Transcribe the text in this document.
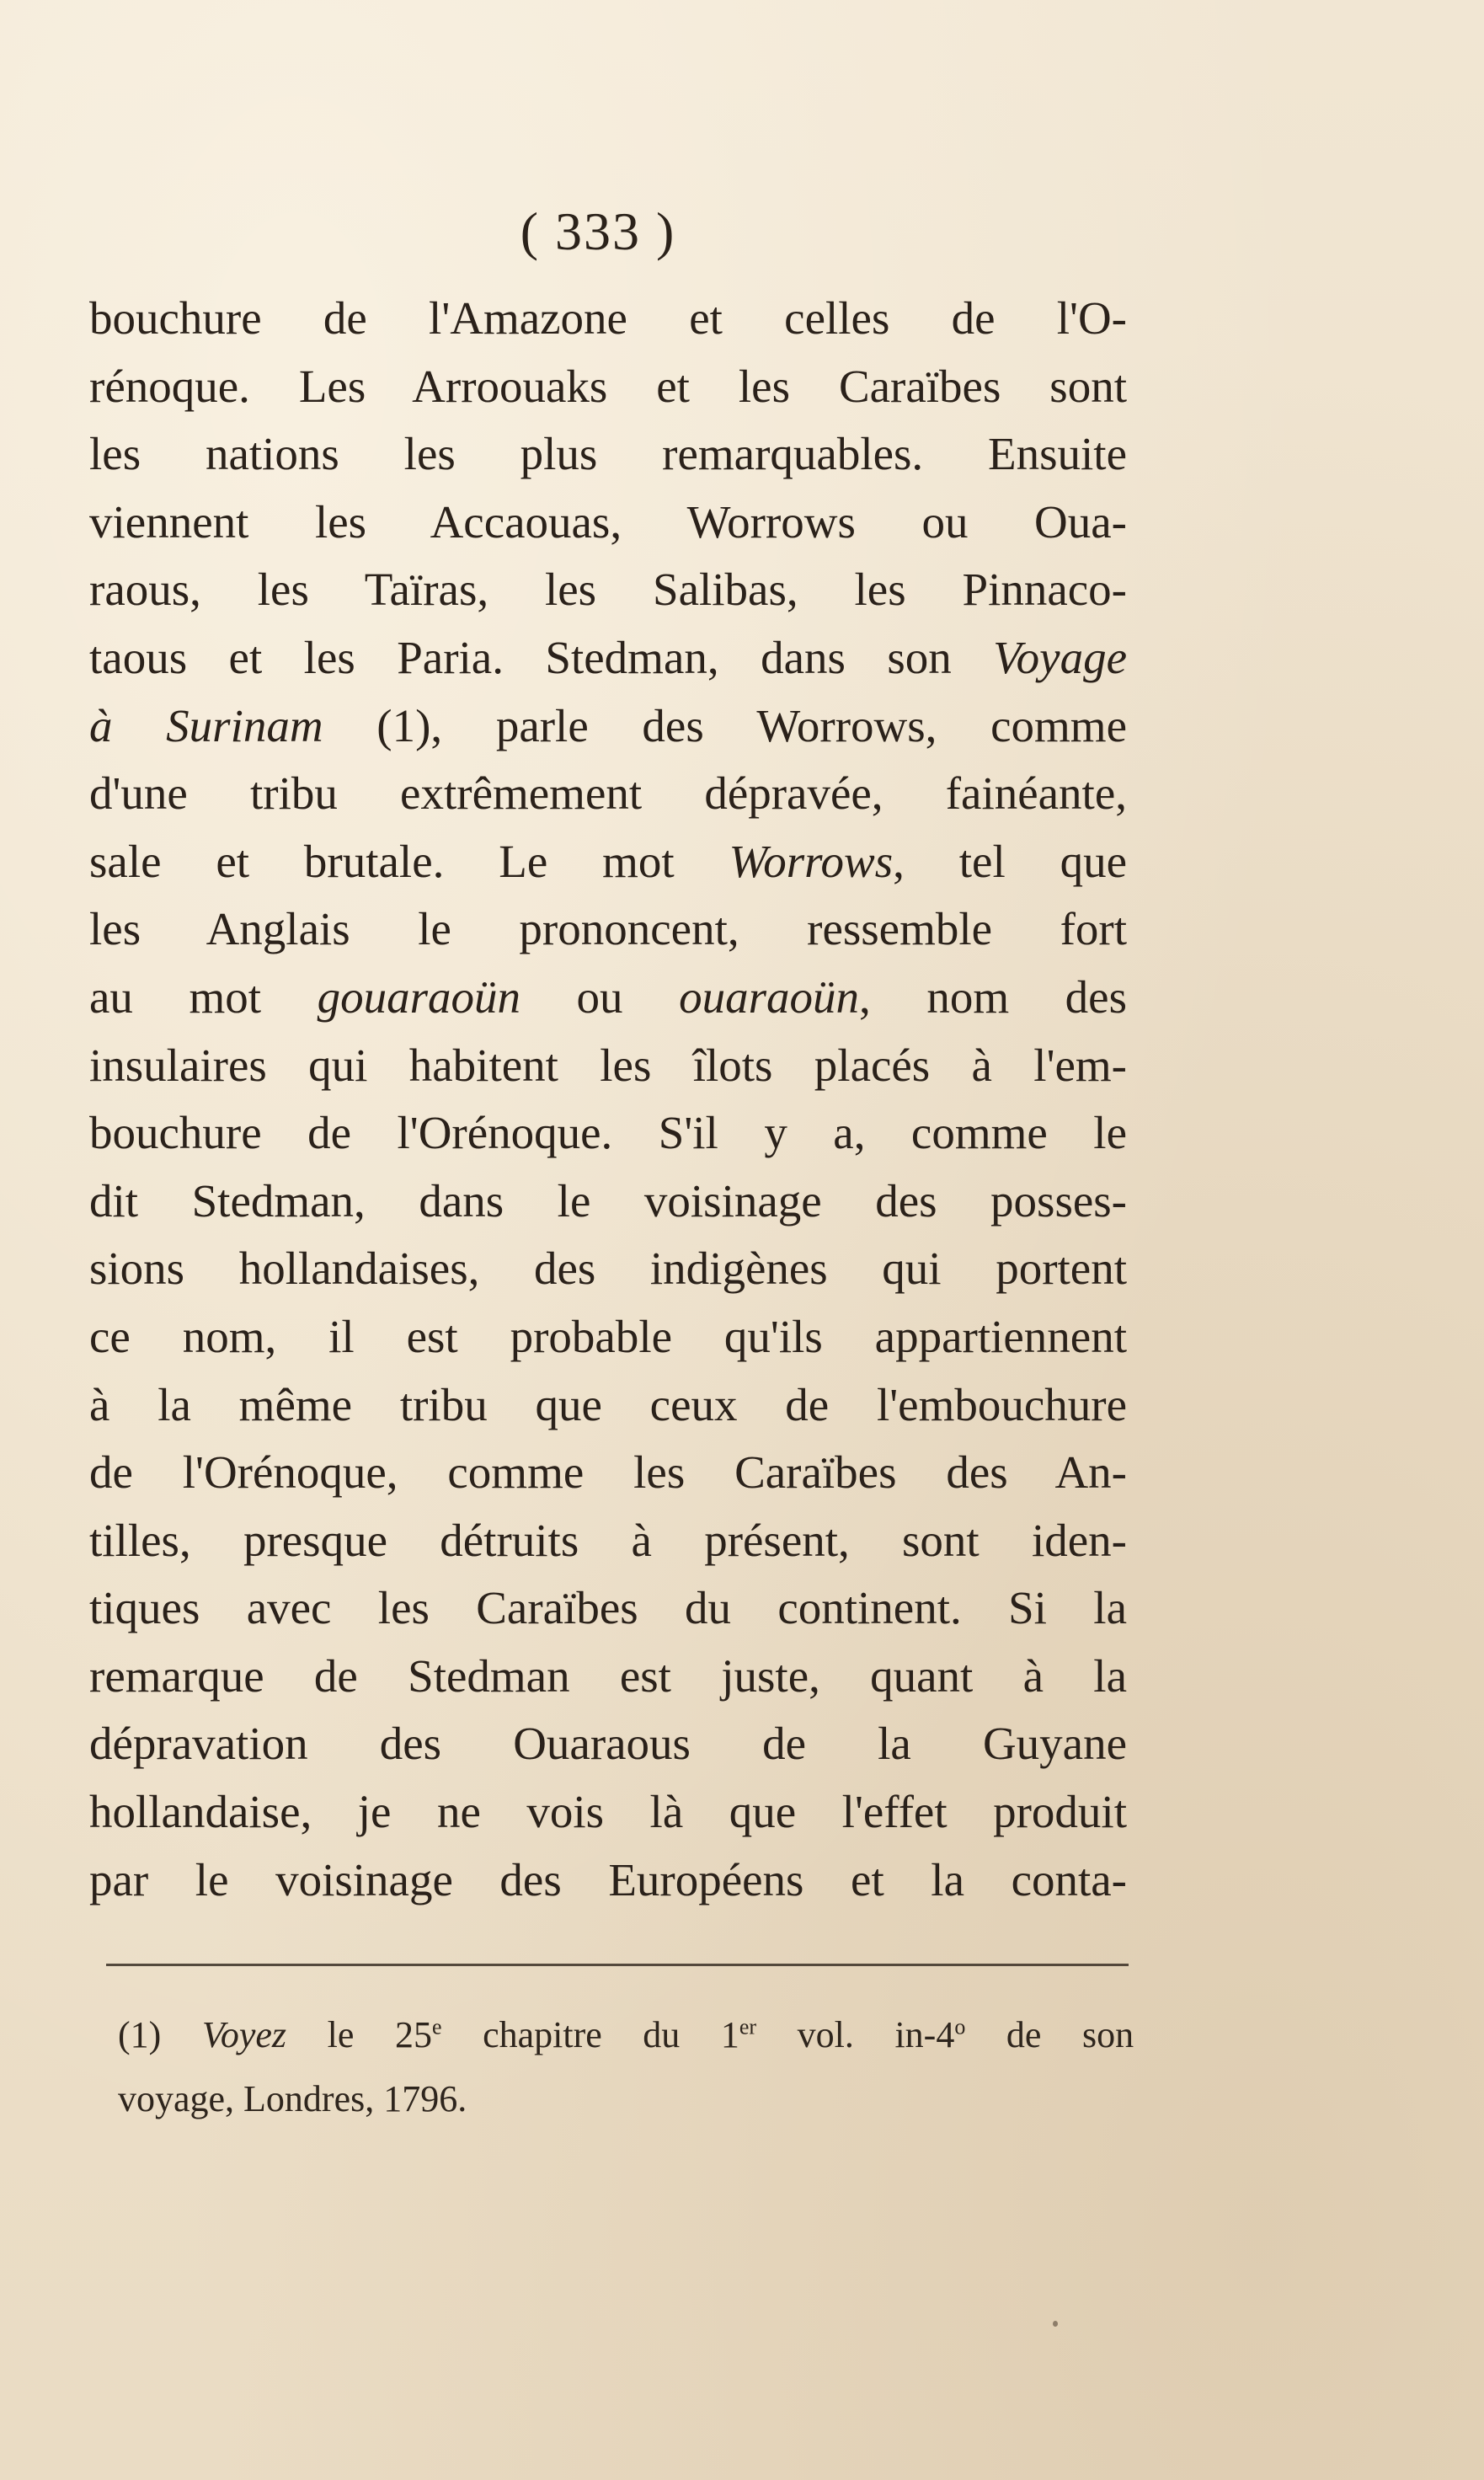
( 333 )
bouchure de l'Amazone et celles de l'O-
rénoque. Les Arroouaks et les Caraïbes sont
les nations les plus remarquables. Ensuite
viennent les Accaouas, Worrows ou Oua-
raous, les Taïras, les Salibas, les Pinnaco-
taous et les Paria. Stedman, dans son Voyage
à Surinam (1), parle des Worrows, comme
d'une tribu extrêmement dépravée, fainéante,
sale et brutale. Le mot Worrows, tel que
les Anglais le prononcent, ressemble fort
au mot gouaraoün ou ouaraoün, nom des
insulaires qui habitent les îlots placés à l'em-
bouchure de l'Orénoque. S'il y a, comme le
dit Stedman, dans le voisinage des posses-
sions hollandaises, des indigènes qui portent
ce nom, il est probable qu'ils appartiennent
à la même tribu que ceux de l'embouchure
de l'Orénoque, comme les Caraïbes des An-
tilles, presque détruits à présent, sont iden-
tiques avec les Caraïbes du continent. Si la
remarque de Stedman est juste, quant à la
dépravation des Ouaraous de la Guyane
hollandaise, je ne vois là que l'effet produit
par le voisinage des Européens et la conta-
(1) Voyez le 25e chapitre du 1er vol. in-4$^o$ de son
voyage, Londres, 1796.
